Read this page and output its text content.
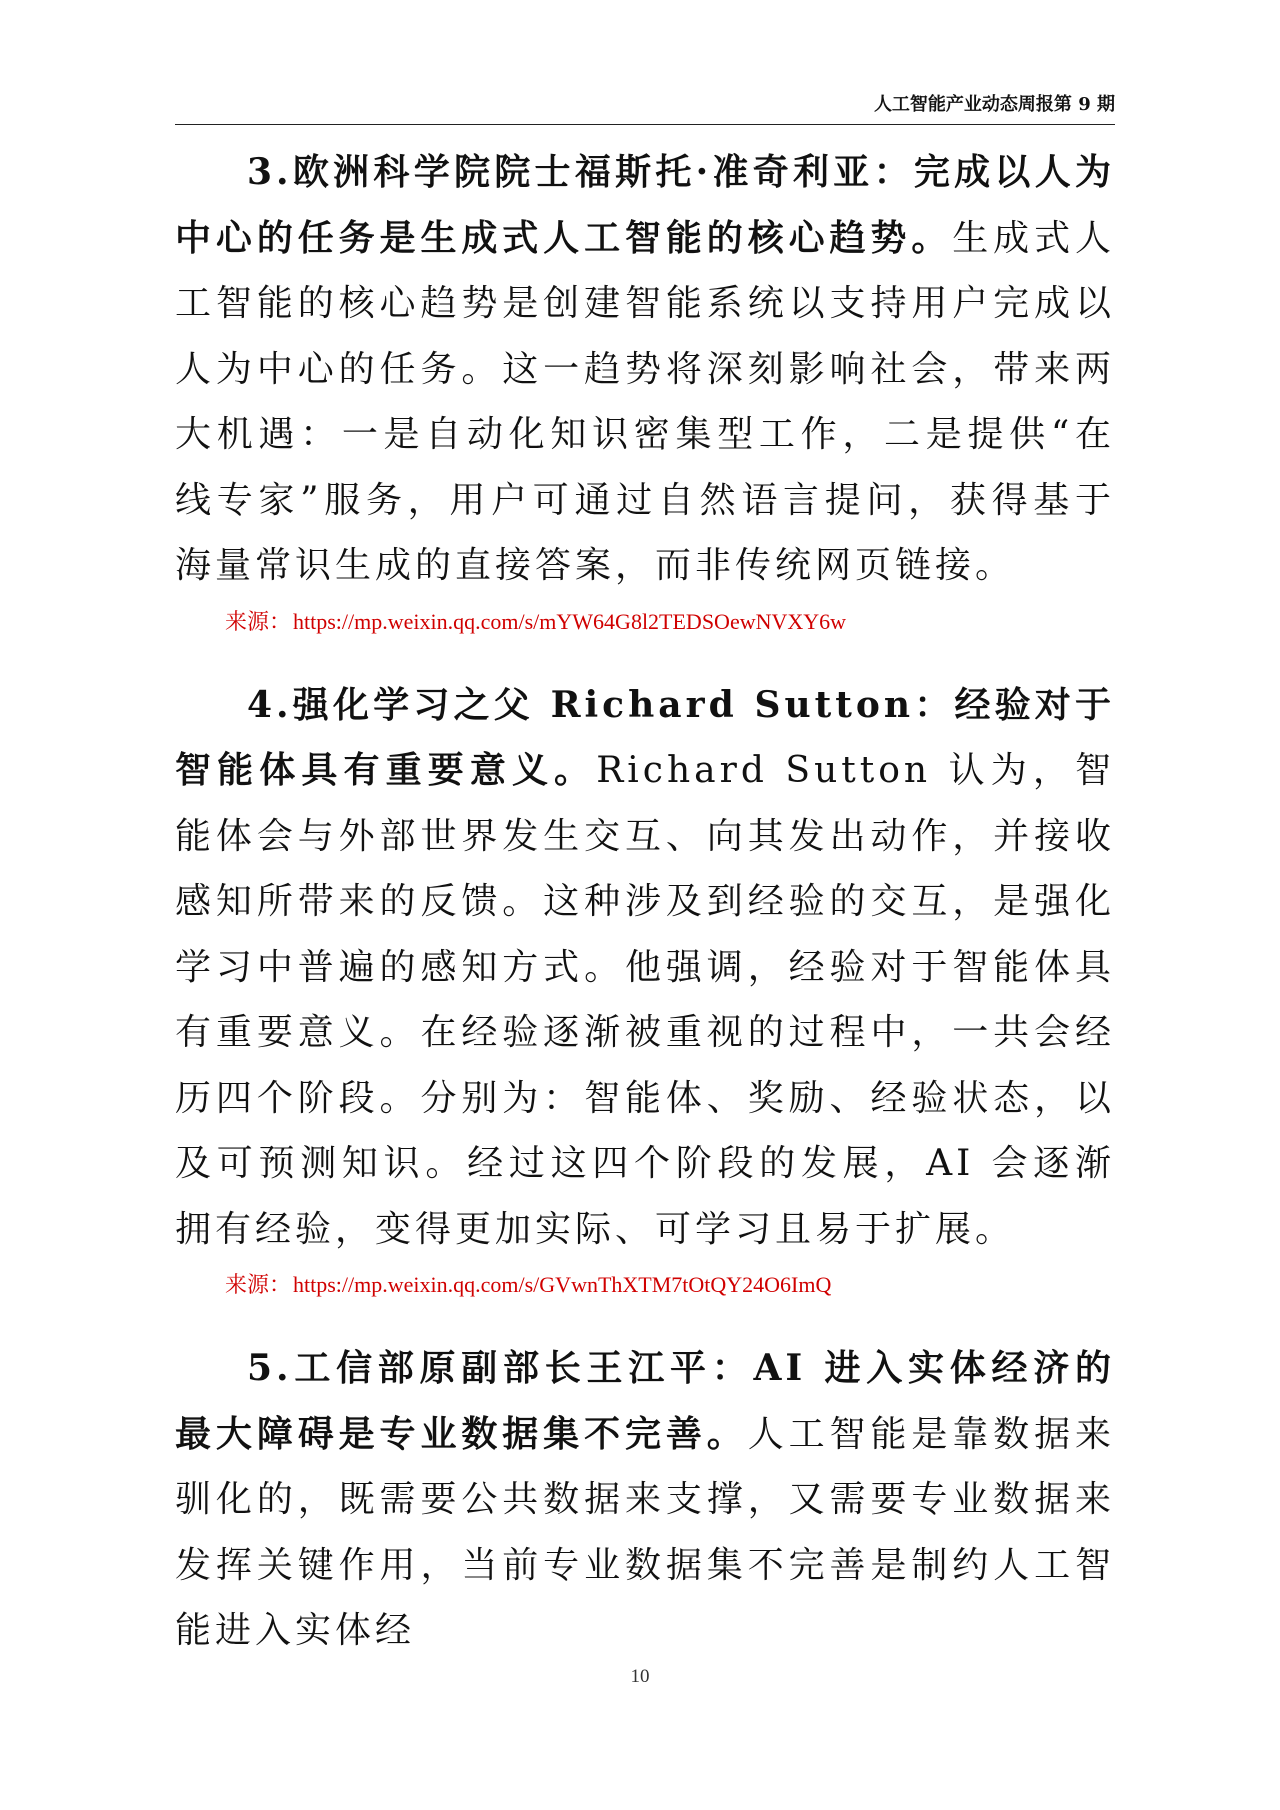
人工智能产业动态周报第 9 期

3.欧洲科学院院士福斯托·准奇利亚：完成以人为中心的任务是生成式人工智能的核心趋势。生成式人工智能的核心趋势是创建智能系统以支持用户完成以人为中心的任务。这一趋势将深刻影响社会，带来两大机遇：一是自动化知识密集型工作，二是提供“在线专家”服务，用户可通过自然语言提问，获得基于海量常识生成的直接答案，而非传统网页链接。

来源：https://mp.weixin.qq.com/s/mYW64G8l2TEDSOewNVXY6w

4.强化学习之父 Richard Sutton：经验对于智能体具有重要意义。Richard Sutton 认为，智能体会与外部世界发生交互、向其发出动作，并接收感知所带来的反馈。这种涉及到经验的交互，是强化学习中普遍的感知方式。他强调，经验对于智能体具有重要意义。在经验逐渐被重视的过程中，一共会经历四个阶段。分别为：智能体、奖励、经验状态，以及可预测知识。经过这四个阶段的发展，AI 会逐渐拥有经验，变得更加实际、可学习且易于扩展。

来源：https://mp.weixin.qq.com/s/GVwnThXTM7tOtQY24O6ImQ

5.工信部原副部长王江平：AI 进入实体经济的最大障碍是专业数据集不完善。人工智能是靠数据来驯化的，既需要公共数据来支撑，又需要专业数据来发挥关键作用，当前专业数据集不完善是制约人工智能进入实体经

10
